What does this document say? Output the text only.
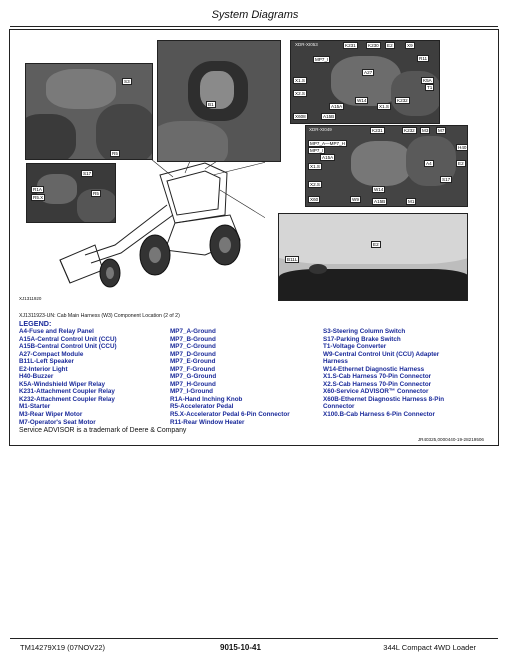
System Diagrams
S3
R5
B1
XDR-XI053
X2.S
A15A
K231	K230	E2	X9
A27
X1.S	K5A
T1
W14
MP7_I
X608
R11
X1.S
A15B
K232
XDR-XI049
MP7_A—MP7_H
MP7_I
K231	K232	M3	M7
H40
A15A
X1.S
X2.S
W14
A4
X60	W9	A15B	M1
S17
E2
S17
R1A
R5.X
R5
E2
B11L
XJ1311920
XJ1311923-UN: Cab Main Harness (W3) Component Location (2 of 2)
LEGEND:
A4-Fuse and Relay Panel
A15A-Central Control Unit (CCU)
A15B-Central Control Unit (CCU)
A27-Compact Module
B11L-Left Speaker
E2-Interior Light
H40-Buzzer
K5A-Windshield Wiper Relay
K231-Attachment Coupler Relay
K232-Attachment Coupler Relay
M1-Starter
M3-Rear Wiper Motor
M7-Operator's Seat Motor
MP7_A-Ground
MP7_B-Ground
MP7_C-Ground
MP7_D-Ground
MP7_E-Ground
MP7_F-Ground
MP7_G-Ground
MP7_H-Ground
MP7_I-Ground
R1A-Hand Inching Knob
R5-Accelerator Pedal
R5.X-Accelerator Pedal 6-Pin Connector
R11-Rear Window Heater
S3-Steering Column Switch
S17-Parking Brake Switch
T1-Voltage Converter
W9-Central Control Unit (CCU) Adapter
Harness
W14-Ethernet Diagnostic Harness
X1.S-Cab Harness 70-Pin Connector
X2.S-Cab Harness 70-Pin Connector
X60-Service ADVISOR™ Connector
X60B-Ethernet Diagnostic Harness 8-Pin
Connector
X100.B-Cab Harness 6-Pin Connector
Service ADVISOR is a trademark of Deere & Company
JR40325,0000440-19-28219506
TM14279X19 (07NOV22)	9015-10-41	344L Compact 4WD Loader
